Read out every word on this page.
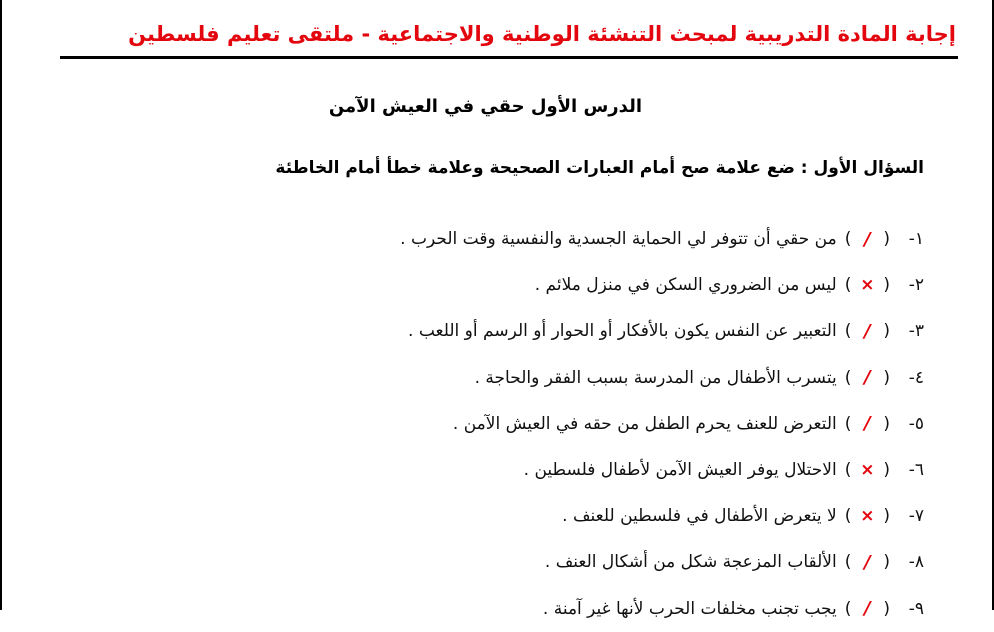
إجابة المادة التدريبية لمبحث التنشئة الوطنية والاجتماعية - ملتقى تعليم فلسطين
الدرس الأول حقي في العيش الآمن
السؤال الأول : ضع علامة صح أمام العبارات الصحيحة وعلامة خطأ أمام الخاطئة
١-
(
/
)
من حقي أن تتوفر لي الحماية الجسدية والنفسية وقت الحرب .
٢-
(
×
)
ليس من الضروري السكن في منزل ملائم .
٣-
(
/
)
التعبير عن النفس يكون بالأفكار أو الحوار أو الرسم أو اللعب .
٤-
(
/
)
يتسرب الأطفال من المدرسة بسبب الفقر والحاجة .
٥-
(
/
)
التعرض للعنف يحرم الطفل من حقه في العيش الآمن .
٦-
(
×
)
الاحتلال يوفر العيش الآمن لأطفال فلسطين .
٧-
(
×
)
لا يتعرض الأطفال في فلسطين للعنف .
٨-
(
/
)
الألقاب المزعجة شكل من أشكال العنف .
٩-
(
/
)
يجب تجنب مخلفات الحرب لأنها غير آمنة .
